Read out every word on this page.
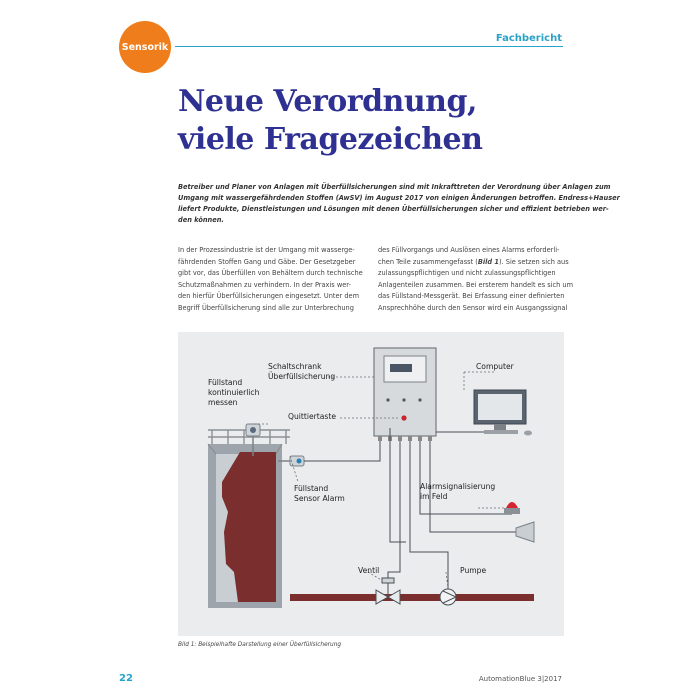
Sensorik
Fachbericht
Neue Verordnung,
viele Fragezeichen
Betreiber und Planer von Anlagen mit Überfüllsicherungen sind mit Inkrafttreten der Verordnung über Anlagen zum
Umgang mit wassergefährdenden Stoffen (AwSV) im August 2017 von einigen Änderungen betroffen. Endress+Hauser
liefert Produkte, Dienstleistungen und Lösungen mit denen Überfüllsicherungen sicher und effizient betrieben wer-
den können.
In der Prozessindustrie ist der Umgang mit wasserge-
fährdenden Stoffen Gang und Gäbe. Der Gesetzgeber
gibt vor, das Überfüllen von Behältern durch technische
Schutzmaßnahmen zu verhindern. In der Praxis wer-
den hierfür Überfüllsicherungen eingesetzt. Unter dem
Begriff Überfüllsicherung sind alle zur Unterbrechung
des Füllvorgangs und Auslösen eines Alarms erforderli-
chen Teile zusammengefasst (Bild 1). Sie setzen sich aus
zulassungspflichtigen und nicht zulassungspflichtigen
Anlagenteilen zusammen. Bei ersterem handelt es sich um
das Füllstand-Messgerät. Bei Erfassung einer definierten
Ansprechhöhe durch den Sensor wird ein Ausgangssignal
Füllstand
kontinuierlich
messen
Schaltschrank
Überfüllsicherung
Computer
Quittiertaste
Füllstand
Sensor Alarm
Alarmsignalisierung
im Feld
Ventil	Pumpe
Bild 1: Beispielhafte Darstellung einer Überfüllsicherung
22	AutomationBlue 3|2017
